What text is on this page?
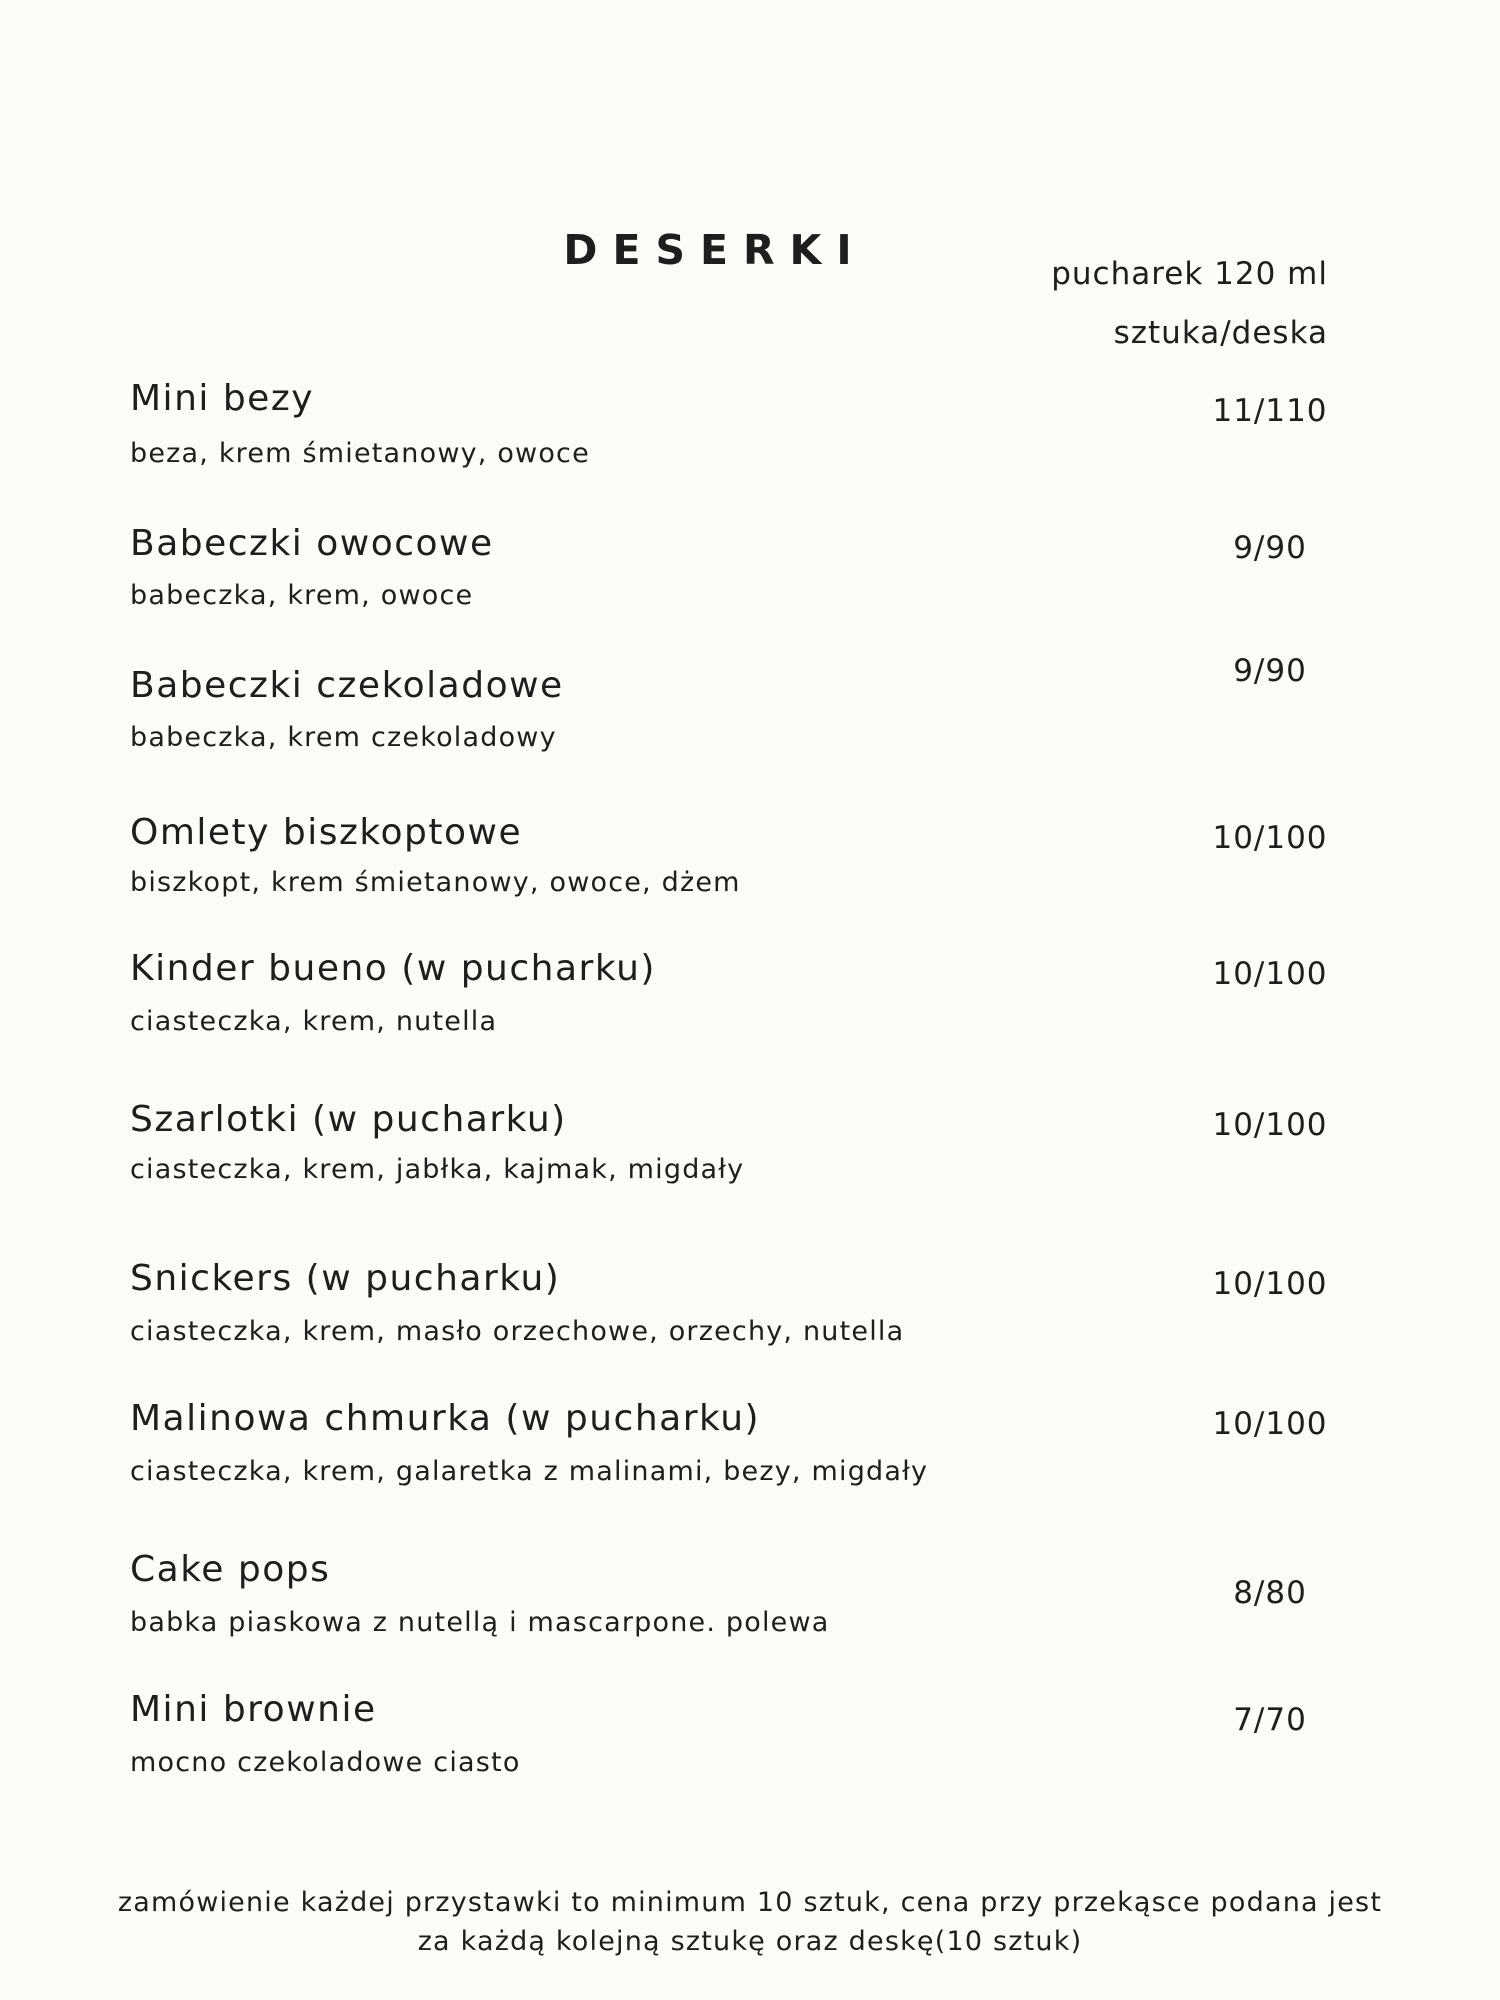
DESERKI	pucharek 120 ml
sztuka/deska
Mini bezy
beza, krem śmietanowy, owoce
11/110
Babeczki owocowe
babeczka, krem, owoce
9/90
Babeczki czekoladowe
babeczka, krem czekoladowy
9/90
Omlety biszkoptowe
biszkopt, krem śmietanowy, owoce, dżem
10/100
Kinder bueno (w pucharku)
ciasteczka, krem, nutella
10/100
Szarlotki (w pucharku)
ciasteczka, krem, jabłka, kajmak, migdały
10/100
Snickers (w pucharku)
ciasteczka, krem, masło orzechowe, orzechy, nutella
10/100
Malinowa chmurka (w pucharku)
ciasteczka, krem, galaretka z malinami, bezy, migdały
10/100
Cake pops
babka piaskowa z nutellą i mascarpone. polewa
8/80
Mini brownie
mocno czekoladowe ciasto
7/70
zamówienie każdej przystawki to minimum 10 sztuk, cena przy przekąsce podana jest
za każdą kolejną sztukę oraz deskę(10 sztuk)
